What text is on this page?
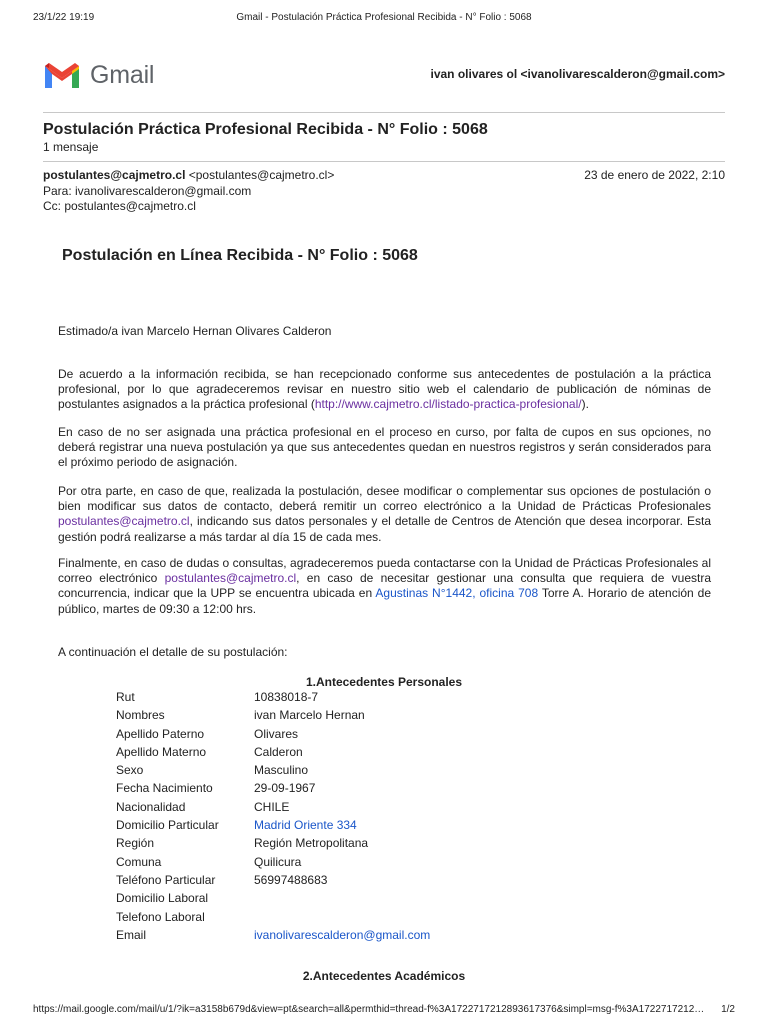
23/1/22 19:19	Gmail - Postulación Práctica Profesional Recibida - N° Folio : 5068
Gmail	ivan olivares ol <ivanolivarescalderon@gmail.com>
Postulación Práctica Profesional Recibida - N° Folio : 5068
1 mensaje
postulantes@cajmetro.cl <postulantes@cajmetro.cl>	23 de enero de 2022, 2:10
Para: ivanolivarescalderon@gmail.com
Cc: postulantes@cajmetro.cl
Postulación en Línea Recibida - N° Folio : 5068
Estimado/a ivan Marcelo Hernan Olivares Calderon
De acuerdo a la información recibida, se han recepcionado conforme sus antecedentes de postulación a la práctica profesional, por lo que agradeceremos revisar en nuestro sitio web el calendario de publicación de nóminas de postulantes asignados a la práctica profesional (http://www.cajmetro.cl/listado-practica-profesional/).
En caso de no ser asignada una práctica profesional en el proceso en curso, por falta de cupos en sus opciones, no deberá registrar una nueva postulación ya que sus antecedentes quedan en nuestros registros y serán considerados para el próximo periodo de asignación.
Por otra parte, en caso de que, realizada la postulación, desee modificar o complementar sus opciones de postulación o bien modificar sus datos de contacto, deberá remitir un correo electrónico a la Unidad de Prácticas Profesionales postulantes@cajmetro.cl, indicando sus datos personales y el detalle de Centros de Atención que desea incorporar. Esta gestión podrá realizarse a más tardar al día 15 de cada mes.
Finalmente, en caso de dudas o consultas, agradeceremos pueda contactarse con la Unidad de Prácticas Profesionales al correo electrónico postulantes@cajmetro.cl, en caso de necesitar gestionar una consulta que requiera de vuestra concurrencia, indicar que la UPP se encuentra ubicada en Agustinas N°1442, oficina 708 Torre A. Horario de atención de público, martes de 09:30 a 12:00 hrs.
A continuación el detalle de su postulación:
1.Antecedentes Personales
Rut	10838018-7
Nombres	ivan Marcelo Hernan
Apellido Paterno	Olivares
Apellido Materno	Calderon
Sexo	Masculino
Fecha Nacimiento	29-09-1967
Nacionalidad	CHILE
Domicilio Particular	Madrid Oriente 334
Región	Región Metropolitana
Comuna	Quilicura
Teléfono Particular	56997488683
Domicilio Laboral	
Telefono Laboral	
Email	ivanolivarescalderon@gmail.com
2.Antecedentes Académicos
https://mail.google.com/mail/u/1/?ik=a3158b679d&view=pt&search=all&permthid=thread-f%3A1722717212893617376&simpl=msg-f%3A1722717212…	1/2
